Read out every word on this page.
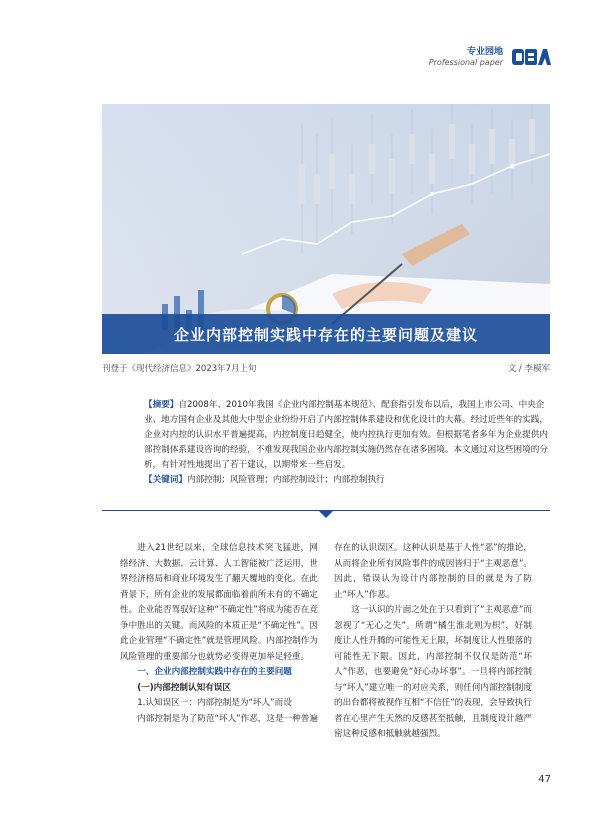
专业园地
Professional paper
企业内部控制实践中存在的主要问题及建议
刊登于《现代经济信息》2023年7月上旬	文 / 李模军

【摘要】自2008年、2010年我国《企业内部控制基本规范》、配套指引发布以后，我国上市公司、中央企业、地方国有企业及其他大中型企业纷纷开启了内部控制体系建设和优化设计的大幕。经过近些年的实践，企业对内控的认识水平普遍提高，内控制度日趋健全，使内控执行更加有效。但根据笔者多年为企业提供内部控制体系建设咨询的经验，不难发现我国企业内部控制实施仍然存在诸多困境。本文通过对这些困境的分析，有针对性地提出了若干建议，以期带来一些启发。

【关键词】内部控制；风险管理；内部控制设计；内部控制执行

进入21世纪以来，全球信息技术突飞猛进，网络经济、大数据、云计算、人工智能被广泛运用，世界经济格局和商业环境发生了翻天覆地的变化。在此背景下，所有企业的发展都面临着前所未有的不确定性。企业能否驾驭好这种“不确定性”将成为能否在竞争中胜出的关键。而风险的本质正是“不确定性”。因此企业管理“不确定性”就是管理风险。内部控制作为风险管理的重要部分也就势必变得更加举足轻重。

一、企业内部控制实践中存在的主要问题

(一)内部控制认知有误区

1.认知误区一：内部控制是为“坏人”而设

内部控制是为了防范“坏人”作恶，这是一种普遍

存在的认识误区。这种认识是基于人性“恶”的推论，从而将企业所有风险事件的成因皆归于“主观恶意”。因此，错误认为设计内部控制的目的就是为了防止“坏人”作恶。

这一认识的片面之处在于只看到了“主观恶意”而忽视了“无心之失”。所谓“橘生淮北则为枳”，好制度让人性升腾的可能性无上限，坏制度让人性堕落的可能性无下限。因此，内部控制不仅仅是防范“坏人”作恶，也要避免“好心办坏事”。一旦将内部控制与“坏人”建立唯一的对应关系，则任何内部控制制度的出台都将被视作互相“不信任”的表现，会导致执行者在心里产生天然的反感甚至抵触，且制度设计越严密这种反感和抵触就越强烈。

47
